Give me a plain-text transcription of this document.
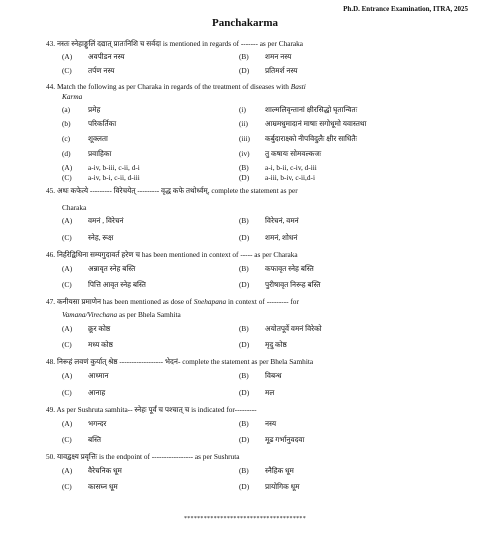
Ph.D. Entrance Examination, ITRA, 2025
Panchakarma
43. नस्तः स्नेहाङ्गुलिं दद्यात् प्रातःनिशि च सर्वदा is mentioned in regards of ------- as per Charaka
(A) अवपीडन नस्य	(B) शमन नस्य
(C) तर्पण नस्य	(D) प्रतिमर्श नस्य
44. Match the following as per Charaka in regards of the treatment of diseases with Basti
Karma
(a) प्रमेह	(i)	शाल्मलिवृन्तानां क्षीरसिद्धो घृतान्वितः
(b) परिकर्तिका	(ii) आम्रमधुमादानं माषाः सगोधूमो यवास्तथा
(c) शूक्लता	(iii) कर्बुदाराक्ष्को नीपविदुलैः क्षीर साधितैः
(d) प्रवाहिका	(iv) तु कषायः सोमवल्कजः
(A) a-iv, b-iii, c-ii, d-i	(B) a-i, b-ii, c-iv, d-iii
(C) a-iv, b-i, c-ii, d-iii	(D) a-iii, b-iv, c-ii,d-i
45. अथः कफेत्ये --------- विरेचयेत् --------- वृद्ध कफे तथोर्ध्वम्, complete the statement as per
Charaka
(A) वमनं , विरेचनं	(B) विरेचनं, वमनं
(C) स्नेह, रूक्ष	(D) शमनं, शोधनं
46. निर्हरेद्विधिना सम्यगुदावर्त हरेण च has been mentioned in context of ----- as per Charaka
(A) अन्नावृत स्नेह बस्ति	(B) कफावृत स्नेह बस्ति
(C) पित्ति आवृत स्नेह बस्ति	(D) पुरीषावृत निरूह बस्ति
47. कनीयसा प्रमाणेन has been mentioned as dose of Snehapana in context of --------- for
Vamana/Virechana as per Bhela Samhita
(A) क्रूर कोष्ठ	(B) अयोतपूर्वे वमनं विरेको
(C) मध्य कोष्ठ	(D) मृदु कोष्ठ
48. निरूहं लवणं कुर्यात् श्रेष्ठ ------------------ भेदनं- complete the statement as per Bhela Samhita
(A) आध्मान	(B) विबन्ध
(C) आनाह	(D) मल
49. As per Sushruta samhita-- स्नेहः पूर्वं च पश्चात् च is indicated for---------
(A) भगन्दर	(B) नस्य
(C) बस्ति	(D) मूढ गर्भानुवदवा
50. यावद्वक्ष्य प्रवृत्तिः is the endpoint of ----------------- as per Sushruta
(A) वैरेचनिक धूम	(B) स्नैहिक धूम
(C) कासघ्न धूम	(D) प्रायोगिक धूम
*************************************
